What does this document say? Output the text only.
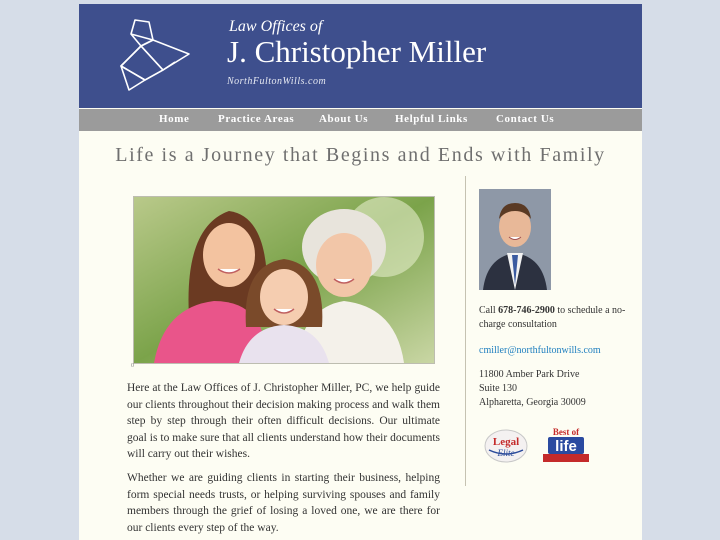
Law Offices of
J. Christopher Miller
NorthFultonWills.com
Home	Practice Areas About Us Helpful Links	Contact Us
Life is a Journey that Begins and Ends with Family
0

Here at the Law Offices of J. Christopher Miller, PC, we help guide our clients throughout their decision making process and walk them step by step through their often difficult decisions. Our ultimate goal is to make sure that all clients understand how their documents will carry out their wishes.

Whether we are guiding clients in starting their business, helping form special needs trusts, or helping surviving spouses and family members through the grief of losing a loved one, we are there for our clients every step of the way.

Call 678-746-2900 to schedule a no-charge consultation

cmiller@northfultonwills.com

11800 Amber Park Drive

Suite 130

Alpharetta, Georgia 30009

Legal
Elite
Best of
life
